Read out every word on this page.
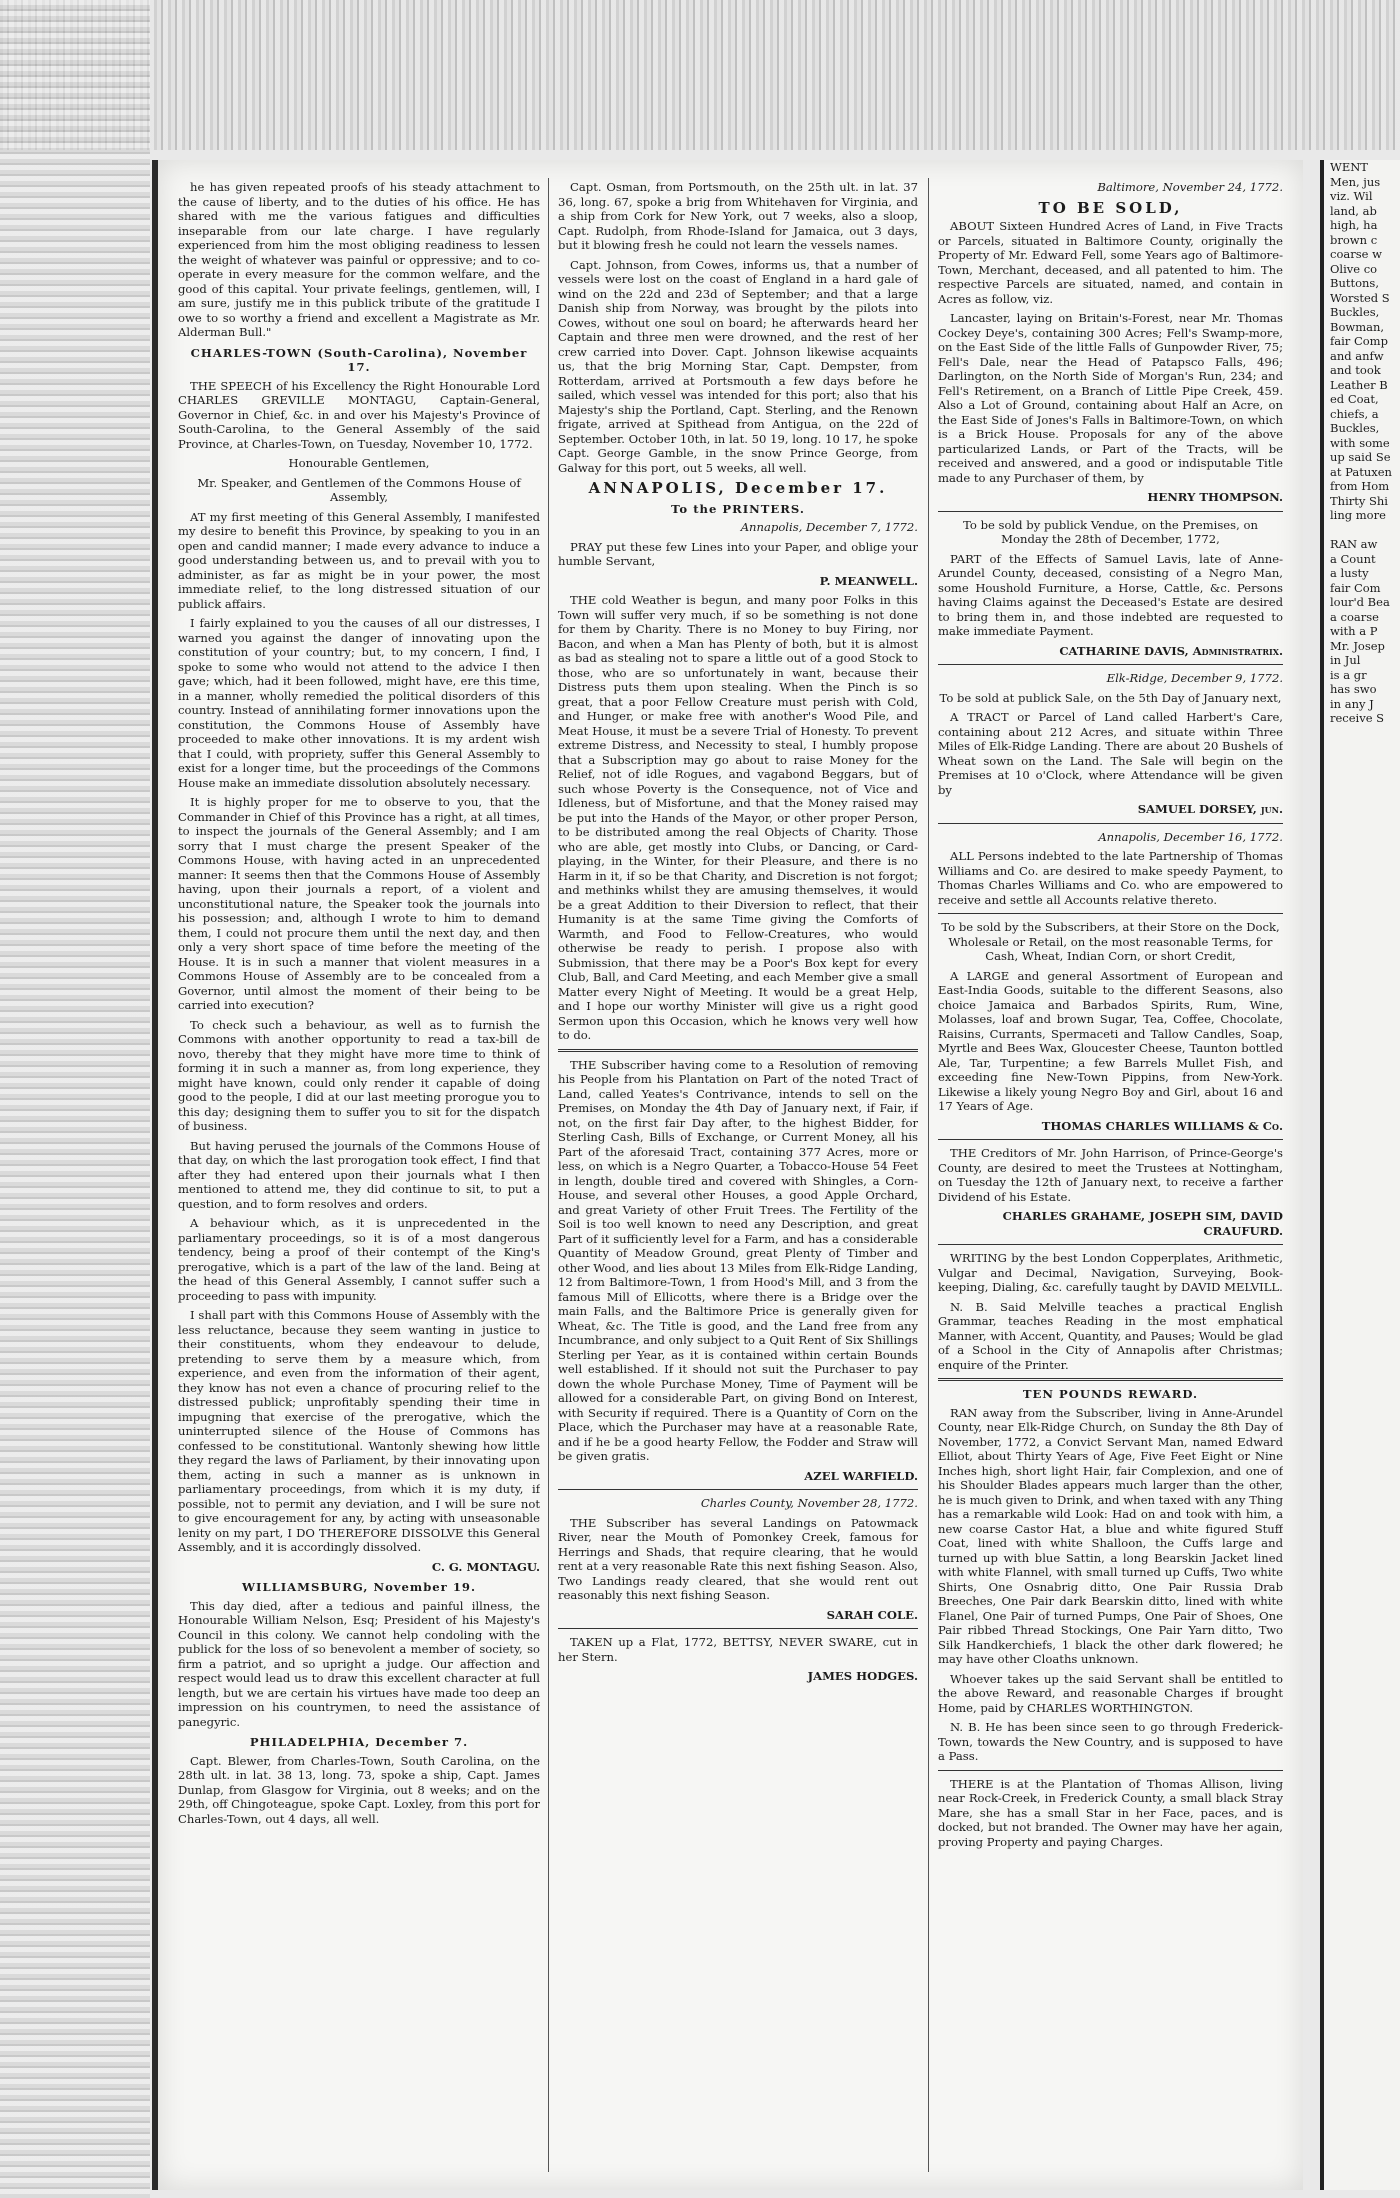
he has given repeated proofs of his steady attachment to the cause of liberty, and to the duties of his office. He has shared with me the various fatigues and difficulties inseparable from our late charge. I have regularly experienced from him the most obliging readiness to lessen the weight of whatever was painful or oppressive; and to co-operate in every measure for the common welfare, and the good of this capital. Your private feelings, gentlemen, will, I am sure, justify me in this publick tribute of the gratitude I owe to so worthy a friend and excellent a Magistrate as Mr. Alderman Bull."

CHARLES-TOWN (South-Carolina), November 17.

THE SPEECH of his Excellency the Right Honourable Lord CHARLES GREVILLE MONTAGU, Captain-General, Governor in Chief, &c. in and over his Majesty's Province of South-Carolina, to the General Assembly of the said Province, at Charles-Town, on Tuesday, November 10, 1772.

Honourable Gentlemen,

Mr. Speaker, and Gentlemen of the Commons House of Assembly,

AT my first meeting of this General Assembly, I manifested my desire to benefit this Province, by speaking to you in an open and candid manner; I made every advance to induce a good understanding between us, and to prevail with you to administer, as far as might be in your power, the most immediate relief, to the long distressed situation of our publick affairs.

I fairly explained to you the causes of all our distresses, I warned you against the danger of innovating upon the constitution of your country; but, to my concern, I find, I spoke to some who would not attend to the advice I then gave; which, had it been followed, might have, ere this time, in a manner, wholly remedied the political disorders of this country. Instead of annihilating former innovations upon the constitution, the Commons House of Assembly have proceeded to make other innovations. It is my ardent wish that I could, with propriety, suffer this General Assembly to exist for a longer time, but the proceedings of the Commons House make an immediate dissolution absolutely necessary.

It is highly proper for me to observe to you, that the Commander in Chief of this Province has a right, at all times, to inspect the journals of the General Assembly; and I am sorry that I must charge the present Speaker of the Commons House, with having acted in an unprecedented manner: It seems then that the Commons House of Assembly having, upon their journals a report, of a violent and unconstitutional nature, the Speaker took the journals into his possession; and, although I wrote to him to demand them, I could not procure them until the next day, and then only a very short space of time before the meeting of the House. It is in such a manner that violent measures in a Commons House of Assembly are to be concealed from a Governor, until almost the moment of their being to be carried into execution?

To check such a behaviour, as well as to furnish the Commons with another opportunity to read a tax-bill de novo, thereby that they might have more time to think of forming it in such a manner as, from long experience, they might have known, could only render it capable of doing good to the people, I did at our last meeting prorogue you to this day; designing them to suffer you to sit for the dispatch of business.

But having perused the journals of the Commons House of that day, on which the last prorogation took effect, I find that after they had entered upon their journals what I then mentioned to attend me, they did continue to sit, to put a question, and to form resolves and orders.

A behaviour which, as it is unprecedented in the parliamentary proceedings, so it is of a most dangerous tendency, being a proof of their contempt of the King's prerogative, which is a part of the law of the land. Being at the head of this General Assembly, I cannot suffer such a proceeding to pass with impunity.

I shall part with this Commons House of Assembly with the less reluctance, because they seem wanting in justice to their constituents, whom they endeavour to delude, pretending to serve them by a measure which, from experience, and even from the information of their agent, they know has not even a chance of procuring relief to the distressed publick; unprofitably spending their time in impugning that exercise of the prerogative, which the uninterrupted silence of the House of Commons has confessed to be constitutional. Wantonly shewing how little they regard the laws of Parliament, by their innovating upon them, acting in such a manner as is unknown in parliamentary proceedings, from which it is my duty, if possible, not to permit any deviation, and I will be sure not to give encouragement for any, by acting with unseasonable lenity on my part, I DO THEREFORE DISSOLVE this General Assembly, and it is accordingly dissolved.

C. G. MONTAGU.

WILLIAMSBURG, November 19.

This day died, after a tedious and painful illness, the Honourable William Nelson, Esq; President of his Majesty's Council in this colony. We cannot help condoling with the publick for the loss of so benevolent a member of society, so firm a patriot, and so upright a judge. Our affection and respect would lead us to draw this excellent character at full length, but we are certain his virtues have made too deep an impression on his countrymen, to need the assistance of panegyric.

PHILADELPHIA, December 7.

Capt. Blewer, from Charles-Town, South Carolina, on the 28th ult. in lat. 38 13, long. 73, spoke a ship, Capt. James Dunlap, from Glasgow for Virginia, out 8 weeks; and on the 29th, off Chingoteague, spoke Capt. Loxley, from this port for Charles-Town, out 4 days, all well.

Capt. Osman, from Portsmouth, on the 25th ult. in lat. 37 36, long. 67, spoke a brig from Whitehaven for Virginia, and a ship from Cork for New York, out 7 weeks, also a sloop, Capt. Rudolph, from Rhode-Island for Jamaica, out 3 days, but it blowing fresh he could not learn the vessels names.

Capt. Johnson, from Cowes, informs us, that a number of vessels were lost on the coast of England in a hard gale of wind on the 22d and 23d of September; and that a large Danish ship from Norway, was brought by the pilots into Cowes, without one soul on board; he afterwards heard her Captain and three men were drowned, and the rest of her crew carried into Dover. Capt. Johnson likewise acquaints us, that the brig Morning Star, Capt. Dempster, from Rotterdam, arrived at Portsmouth a few days before he sailed, which vessel was intended for this port; also that his Majesty's ship the Portland, Capt. Sterling, and the Renown frigate, arrived at Spithead from Antigua, on the 22d of September. October 10th, in lat. 50 19, long. 10 17, he spoke Capt. George Gamble, in the snow Prince George, from Galway for this port, out 5 weeks, all well.

ANNAPOLIS, December 17.

To the PRINTERS.

Annapolis, December 7, 1772.

PRAY put these few Lines into your Paper, and oblige your humble Servant,

P. MEANWELL.

THE cold Weather is begun, and many poor Folks in this Town will suffer very much, if so be something is not done for them by Charity. There is no Money to buy Firing, nor Bacon, and when a Man has Plenty of both, but it is almost as bad as stealing not to spare a little out of a good Stock to those, who are so unfortunately in want, because their Distress puts them upon stealing. When the Pinch is so great, that a poor Fellow Creature must perish with Cold, and Hunger, or make free with another's Wood Pile, and Meat House, it must be a severe Trial of Honesty. To prevent extreme Distress, and Necessity to steal, I humbly propose that a Subscription may go about to raise Money for the Relief, not of idle Rogues, and vagabond Beggars, but of such whose Poverty is the Consequence, not of Vice and Idleness, but of Misfortune, and that the Money raised may be put into the Hands of the Mayor, or other proper Person, to be distributed among the real Objects of Charity. Those who are able, get mostly into Clubs, or Dancing, or Card-playing, in the Winter, for their Pleasure, and there is no Harm in it, if so be that Charity, and Discretion is not forgot; and methinks whilst they are amusing themselves, it would be a great Addition to their Diversion to reflect, that their Humanity is at the same Time giving the Comforts of Warmth, and Food to Fellow-Creatures, who would otherwise be ready to perish. I propose also with Submission, that there may be a Poor's Box kept for every Club, Ball, and Card Meeting, and each Member give a small Matter every Night of Meeting. It would be a great Help, and I hope our worthy Minister will give us a right good Sermon upon this Occasion, which he knows very well how to do.

THE Subscriber having come to a Resolution of removing his People from his Plantation on Part of the noted Tract of Land, called Yeates's Contrivance, intends to sell on the Premises, on Monday the 4th Day of January next, if Fair, if not, on the first fair Day after, to the highest Bidder, for Sterling Cash, Bills of Exchange, or Current Money, all his Part of the aforesaid Tract, containing 377 Acres, more or less, on which is a Negro Quarter, a Tobacco-House 54 Feet in length, double tired and covered with Shingles, a Corn-House, and several other Houses, a good Apple Orchard, and great Variety of other Fruit Trees. The Fertility of the Soil is too well known to need any Description, and great Part of it sufficiently level for a Farm, and has a considerable Quantity of Meadow Ground, great Plenty of Timber and other Wood, and lies about 13 Miles from Elk-Ridge Landing, 12 from Baltimore-Town, 1 from Hood's Mill, and 3 from the famous Mill of Ellicotts, where there is a Bridge over the main Falls, and the Baltimore Price is generally given for Wheat, &c. The Title is good, and the Land free from any Incumbrance, and only subject to a Quit Rent of Six Shillings Sterling per Year, as it is contained within certain Bounds well established. If it should not suit the Purchaser to pay down the whole Purchase Money, Time of Payment will be allowed for a considerable Part, on giving Bond on Interest, with Security if required. There is a Quantity of Corn on the Place, which the Purchaser may have at a reasonable Rate, and if he be a good hearty Fellow, the Fodder and Straw will be given gratis.

AZEL WARFIELD.

Charles County, November 28, 1772.

THE Subscriber has several Landings on Patowmack River, near the Mouth of Pomonkey Creek, famous for Herrings and Shads, that require clearing, that he would rent at a very reasonable Rate this next fishing Season. Also, Two Landings ready cleared, that she would rent out reasonably this next fishing Season.

SARAH COLE.

TAKEN up a Flat, 1772, BETTSY, NEVER SWARE, cut in her Stern.

JAMES HODGES.

Baltimore, November 24, 1772.

TO BE SOLD,

ABOUT Sixteen Hundred Acres of Land, in Five Tracts or Parcels, situated in Baltimore County, originally the Property of Mr. Edward Fell, some Years ago of Baltimore-Town, Merchant, deceased, and all patented to him. The respective Parcels are situated, named, and contain in Acres as follow, viz.

Lancaster, laying on Britain's-Forest, near Mr. Thomas Cockey Deye's, containing 300 Acres; Fell's Swamp-more, on the East Side of the little Falls of Gunpowder River, 75; Fell's Dale, near the Head of Patapsco Falls, 496; Darlington, on the North Side of Morgan's Run, 234; and Fell's Retirement, on a Branch of Little Pipe Creek, 459. Also a Lot of Ground, containing about Half an Acre, on the East Side of Jones's Falls in Baltimore-Town, on which is a Brick House. Proposals for any of the above particularized Lands, or Part of the Tracts, will be received and answered, and a good or indisputable Title made to any Purchaser of them, by

HENRY THOMPSON.

To be sold by publick Vendue, on the Premises, on Monday the 28th of December, 1772,

PART of the Effects of Samuel Lavis, late of Anne-Arundel County, deceased, consisting of a Negro Man, some Houshold Furniture, a Horse, Cattle, &c. Persons having Claims against the Deceased's Estate are desired to bring them in, and those indebted are requested to make immediate Payment.

CATHARINE DAVIS, Administratrix.

Elk-Ridge, December 9, 1772.

To be sold at publick Sale, on the 5th Day of January next,

A TRACT or Parcel of Land called Harbert's Care, containing about 212 Acres, and situate within Three Miles of Elk-Ridge Landing. There are about 20 Bushels of Wheat sown on the Land. The Sale will begin on the Premises at 10 o'Clock, where Attendance will be given by

SAMUEL DORSEY, jun.

Annapolis, December 16, 1772.

ALL Persons indebted to the late Partnership of Thomas Williams and Co. are desired to make speedy Payment, to Thomas Charles Williams and Co. who are empowered to receive and settle all Accounts relative thereto.

To be sold by the Subscribers, at their Store on the Dock, Wholesale or Retail, on the most reasonable Terms, for Cash, Wheat, Indian Corn, or short Credit,

A LARGE and general Assortment of European and East-India Goods, suitable to the different Seasons, also choice Jamaica and Barbados Spirits, Rum, Wine, Molasses, loaf and brown Sugar, Tea, Coffee, Chocolate, Raisins, Currants, Spermaceti and Tallow Candles, Soap, Myrtle and Bees Wax, Gloucester Cheese, Taunton bottled Ale, Tar, Turpentine; a few Barrels Mullet Fish, and exceeding fine New-Town Pippins, from New-York. Likewise a likely young Negro Boy and Girl, about 16 and 17 Years of Age.

THOMAS CHARLES WILLIAMS & Co.

THE Creditors of Mr. John Harrison, of Prince-George's County, are desired to meet the Trustees at Nottingham, on Tuesday the 12th of January next, to receive a farther Dividend of his Estate.

CHARLES GRAHAME, JOSEPH SIM, DAVID CRAUFURD.

WRITING by the best London Copperplates, Arithmetic, Vulgar and Decimal, Navigation, Surveying, Book-keeping, Dialing, &c. carefully taught by DAVID MELVILL.

N. B. Said Melville teaches a practical English Grammar, teaches Reading in the most emphatical Manner, with Accent, Quantity, and Pauses; Would be glad of a School in the City of Annapolis after Christmas; enquire of the Printer.

TEN POUNDS REWARD.

RAN away from the Subscriber, living in Anne-Arundel County, near Elk-Ridge Church, on Sunday the 8th Day of November, 1772, a Convict Servant Man, named Edward Elliot, about Thirty Years of Age, Five Feet Eight or Nine Inches high, short light Hair, fair Complexion, and one of his Shoulder Blades appears much larger than the other, he is much given to Drink, and when taxed with any Thing has a remarkable wild Look: Had on and took with him, a new coarse Castor Hat, a blue and white figured Stuff Coat, lined with white Shalloon, the Cuffs large and turned up with blue Sattin, a long Bearskin Jacket lined with white Flannel, with small turned up Cuffs, Two white Shirts, One Osnabrig ditto, One Pair Russia Drab Breeches, One Pair dark Bearskin ditto, lined with white Flanel, One Pair of turned Pumps, One Pair of Shoes, One Pair ribbed Thread Stockings, One Pair Yarn ditto, Two Silk Handkerchiefs, 1 black the other dark flowered; he may have other Cloaths unknown.

Whoever takes up the said Servant shall be entitled to the above Reward, and reasonable Charges if brought Home, paid by CHARLES WORTHINGTON.

N. B. He has been since seen to go through Frederick-Town, towards the New Country, and is supposed to have a Pass.

THERE is at the Plantation of Thomas Allison, living near Rock-Creek, in Frederick County, a small black Stray Mare, she has a small Star in her Face, paces, and is docked, but not branded. The Owner may have her again, proving Property and paying Charges.

WENT
Men, jus
viz. Wil
land, ab
high, ha
brown c
coarse w
Olive co
Buttons,
Worsted S
Buckles,
Bowman,
fair Comp
and anfw
and took
Leather B
ed Coat,
chiefs, a
Buckles,
with some
up said Se
at Patuxen
from Hom
Thirty Shi
ling more

RAN aw
a Count
a lusty
fair Com
lour'd Bea
a coarse
with a P
Mr. Josep
in Jul
is a gr
has swo
in any J
receive S
